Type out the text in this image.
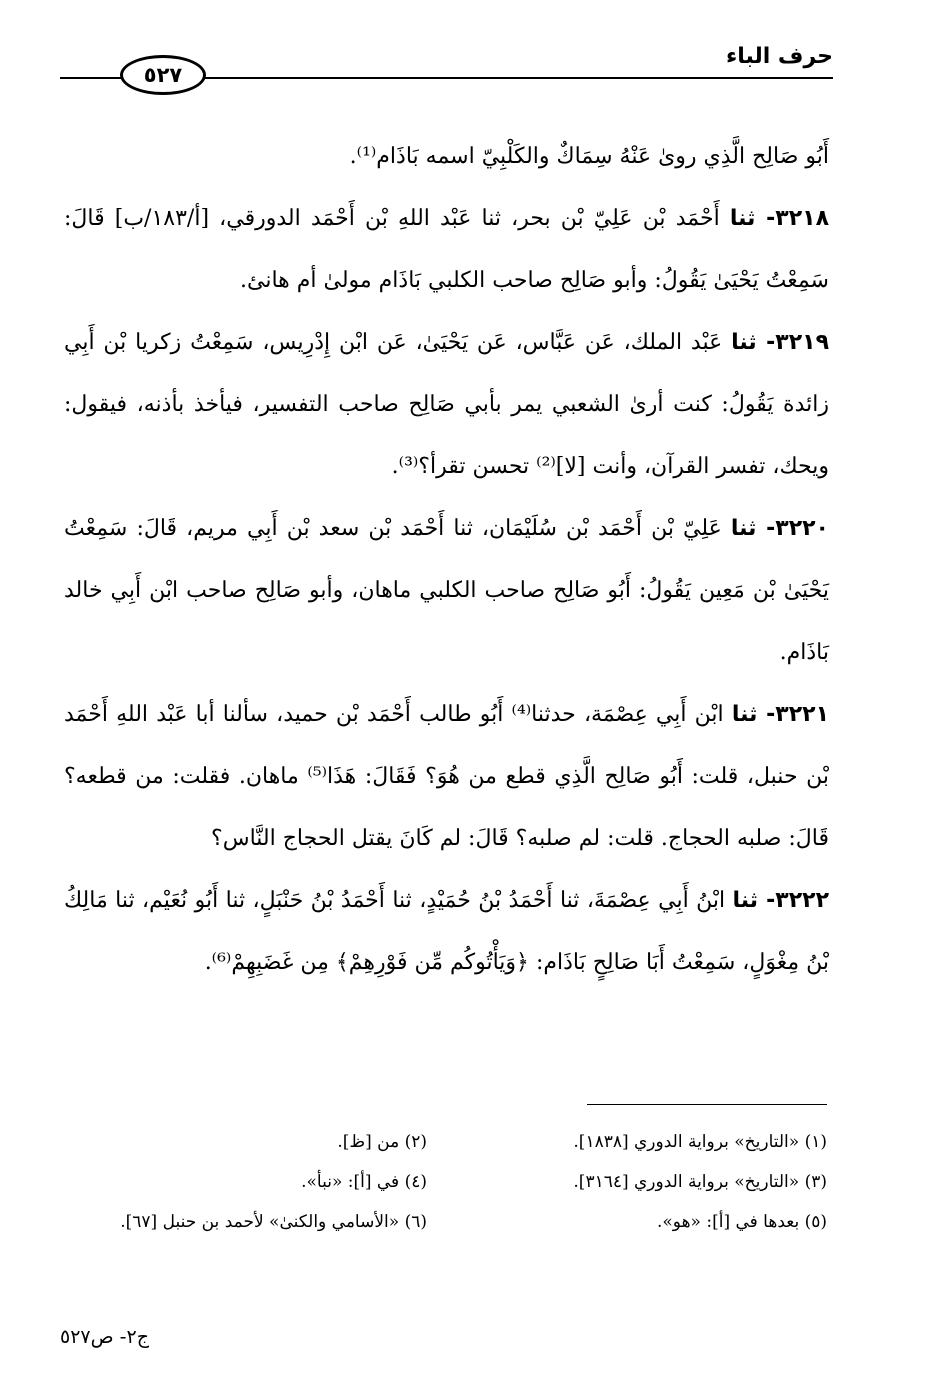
حرف الباء
٥٢٧

أَبُو صَالِح الَّذِي روىٰ عَنْهُ سِمَاكٌ والكَلْبِيّ اسمه بَاذَام⁽¹⁾.

٣٢١٨- ثنا أَحْمَد بْن عَلِيّ بْن بحر، ثنا عَبْد اللهِ بْن أَحْمَد الدورقي، [أ/١٨٣/ب] قَالَ: سَمِعْتُ يَحْيَىٰ يَقُولُ: وأبو صَالِح صاحب الكلبي بَاذَام مولىٰ أم هانئ.

٣٢١٩- ثنا عَبْد الملك، عَن عَبَّاس، عَن يَحْيَىٰ، عَن ابْن إِدْرِيس، سَمِعْتُ زكريا بْن أَبِي زائدة يَقُولُ: كنت أرىٰ الشعبي يمر بأبي صَالِح صاحب التفسير، فيأخذ بأذنه، فيقول: ويحك، تفسر القرآن، وأنت [لا]⁽²⁾ تحسن تقرأ؟⁽³⁾.

٣٢٢٠- ثنا عَلِيّ بْن أَحْمَد بْن سُلَيْمَان، ثنا أَحْمَد بْن سعد بْن أَبِي مريم، قَالَ: سَمِعْتُ يَحْيَىٰ بْن مَعِين يَقُولُ: أَبُو صَالِح صاحب الكلبي ماهان، وأبو صَالِح صاحب ابْن أَبِي خالد بَاذَام.

٣٢٢١- ثنا ابْن أَبِي عِصْمَة، حدثنا⁽⁴⁾ أَبُو طالب أَحْمَد بْن حميد، سألنا أبا عَبْد اللهِ أَحْمَد بْن حنبل، قلت: أَبُو صَالِح الَّذِي قطع من هُوَ؟ فَقَالَ: هَذَا⁽⁵⁾ ماهان. فقلت: من قطعه؟ قَالَ: صلبه الحجاج. قلت: لم صلبه؟ قَالَ: لم كَانَ يقتل الحجاج النَّاس؟

٣٢٢٢- ثنا ابْنُ أَبِي عِصْمَةَ، ثنا أَحْمَدُ بْنُ حُمَيْدٍ، ثنا أَحْمَدُ بْنُ حَنْبَلٍ، ثنا أَبُو نُعَيْم، ثنا مَالِكُ بْنُ مِغْوَلٍ، سَمِعْتُ أَبَا صَالِحٍ بَاذَام: ﴿وَيَأْتُوكُم مِّن فَوْرِهِمْ﴾ مِن غَضَبِهِمْ⁽⁶⁾.

(١) «التاريخ» برواية الدوري [١٨٣٨].
(٢) من [ظ].
(٣) «التاريخ» برواية الدوري [٣١٦٤].
(٤) في [أ]: «نبأ».
(٥) بعدها في [أ]: «هو».
(٦) «الأسامي والكنىٰ» لأحمد بن حنبل [٦٧].
ج٢- ص٥٢٧
